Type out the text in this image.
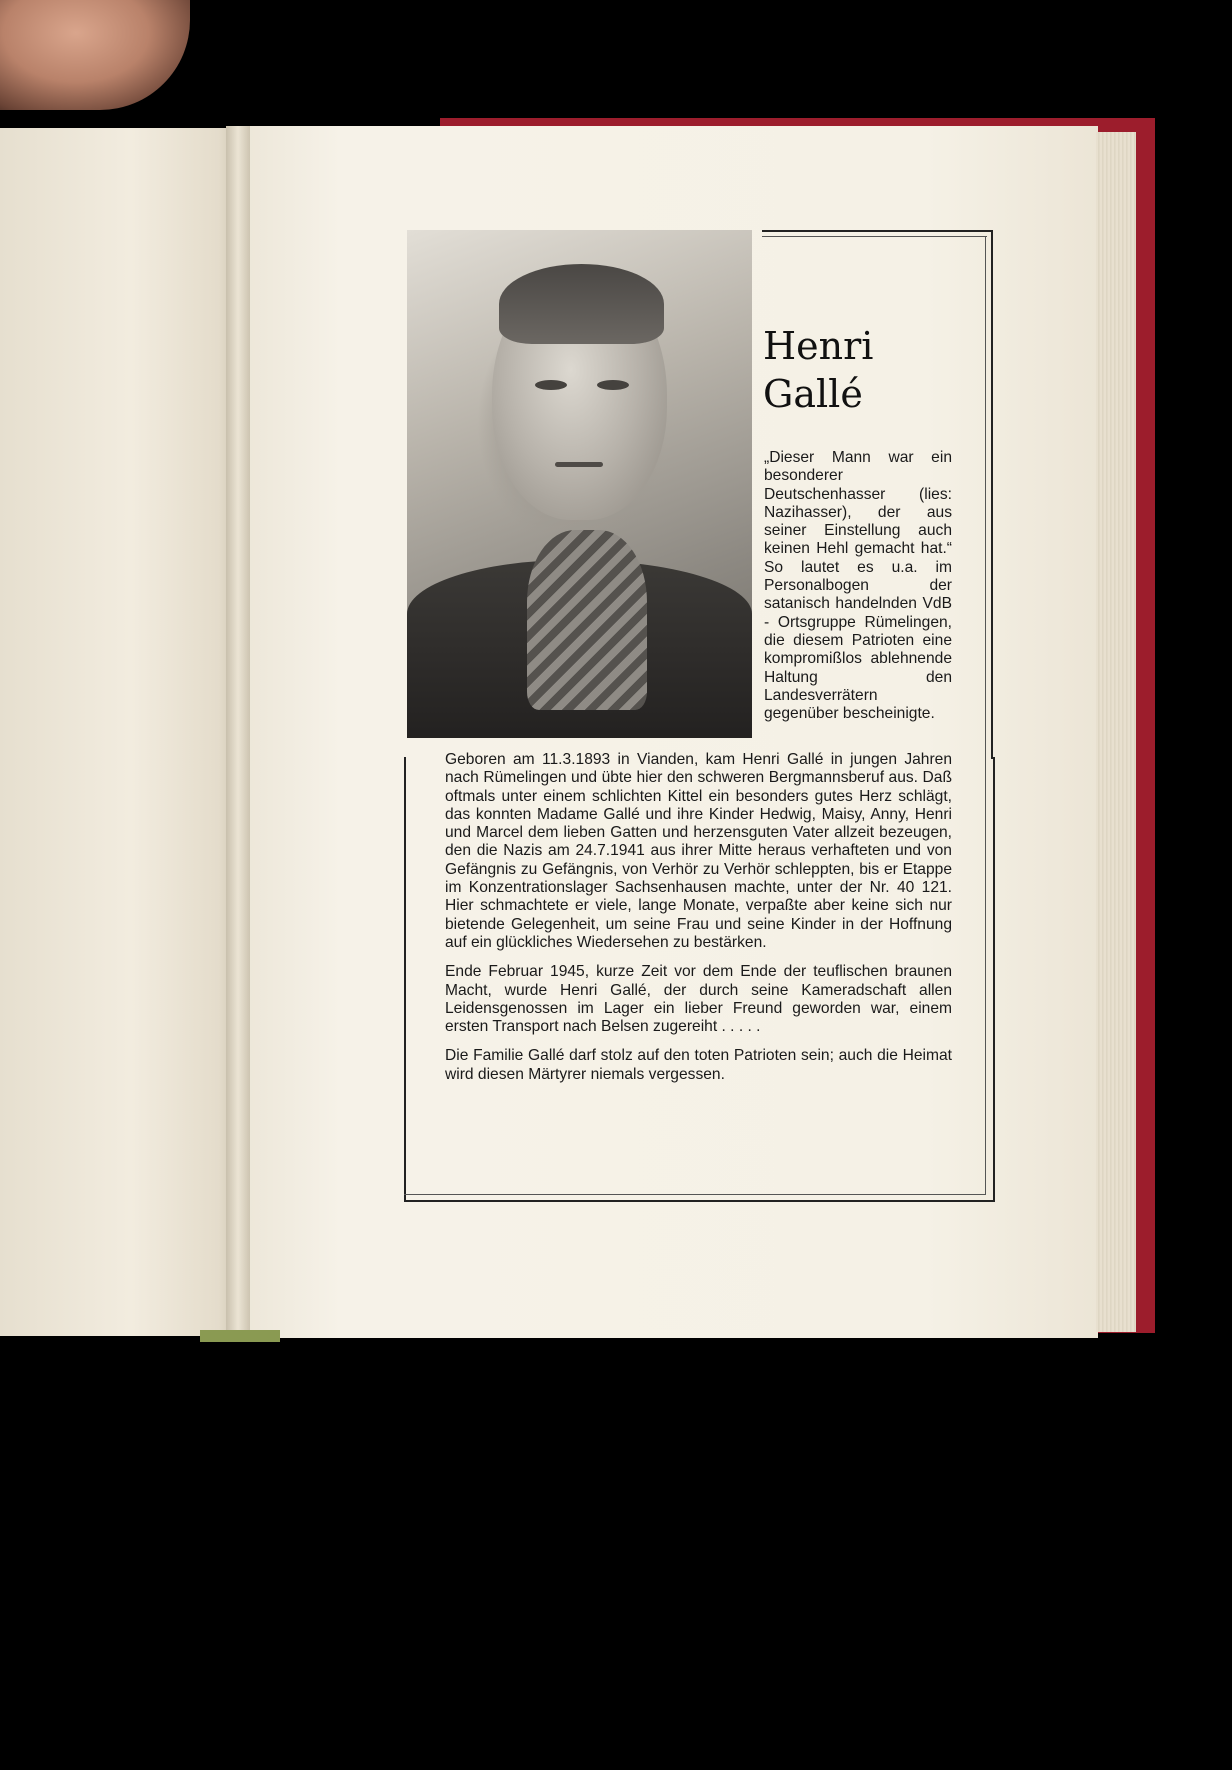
Henri
Gallé
„Dieser Mann war ein besonderer Deutschenhasser (lies: Nazihasser), der aus seiner Einstellung auch keinen Hehl gemacht hat.“ So lautet es u.a. im Personalbogen der satanisch handelnden VdB - Ortsgruppe Rümelingen, die diesem Patrioten eine kompromißlos ablehnende Haltung den Landesverrätern gegenüber bescheinigte.

Geboren am 11.3.1893 in Vianden, kam Henri Gallé in jungen Jahren nach Rümelingen und übte hier den schweren Bergmannsberuf aus. Daß oftmals unter einem schlichten Kittel ein besonders gutes Herz schlägt, das konnten Madame Gallé und ihre Kinder Hedwig, Maisy, Anny, Henri und Marcel dem lieben Gatten und herzensguten Vater allzeit bezeugen, den die Nazis am 24.7.1941 aus ihrer Mitte heraus verhafteten und von Gefängnis zu Gefängnis, von Verhör zu Verhör schleppten, bis er Etappe im Konzentrationslager Sachsenhausen machte, unter der Nr. 40 121. Hier schmachtete er viele, lange Monate, verpaßte aber keine sich nur bietende Gelegenheit, um seine Frau und seine Kinder in der Hoffnung auf ein glückliches Wiedersehen zu bestärken.

Ende Februar 1945, kurze Zeit vor dem Ende der teuflischen braunen Macht, wurde Henri Gallé, der durch seine Kameradschaft allen Leidensgenossen im Lager ein lieber Freund geworden war, einem ersten Transport nach Belsen zugereiht . . . . .

Die Familie Gallé darf stolz auf den toten Patrioten sein; auch die Heimat wird diesen Märtyrer niemals vergessen.
